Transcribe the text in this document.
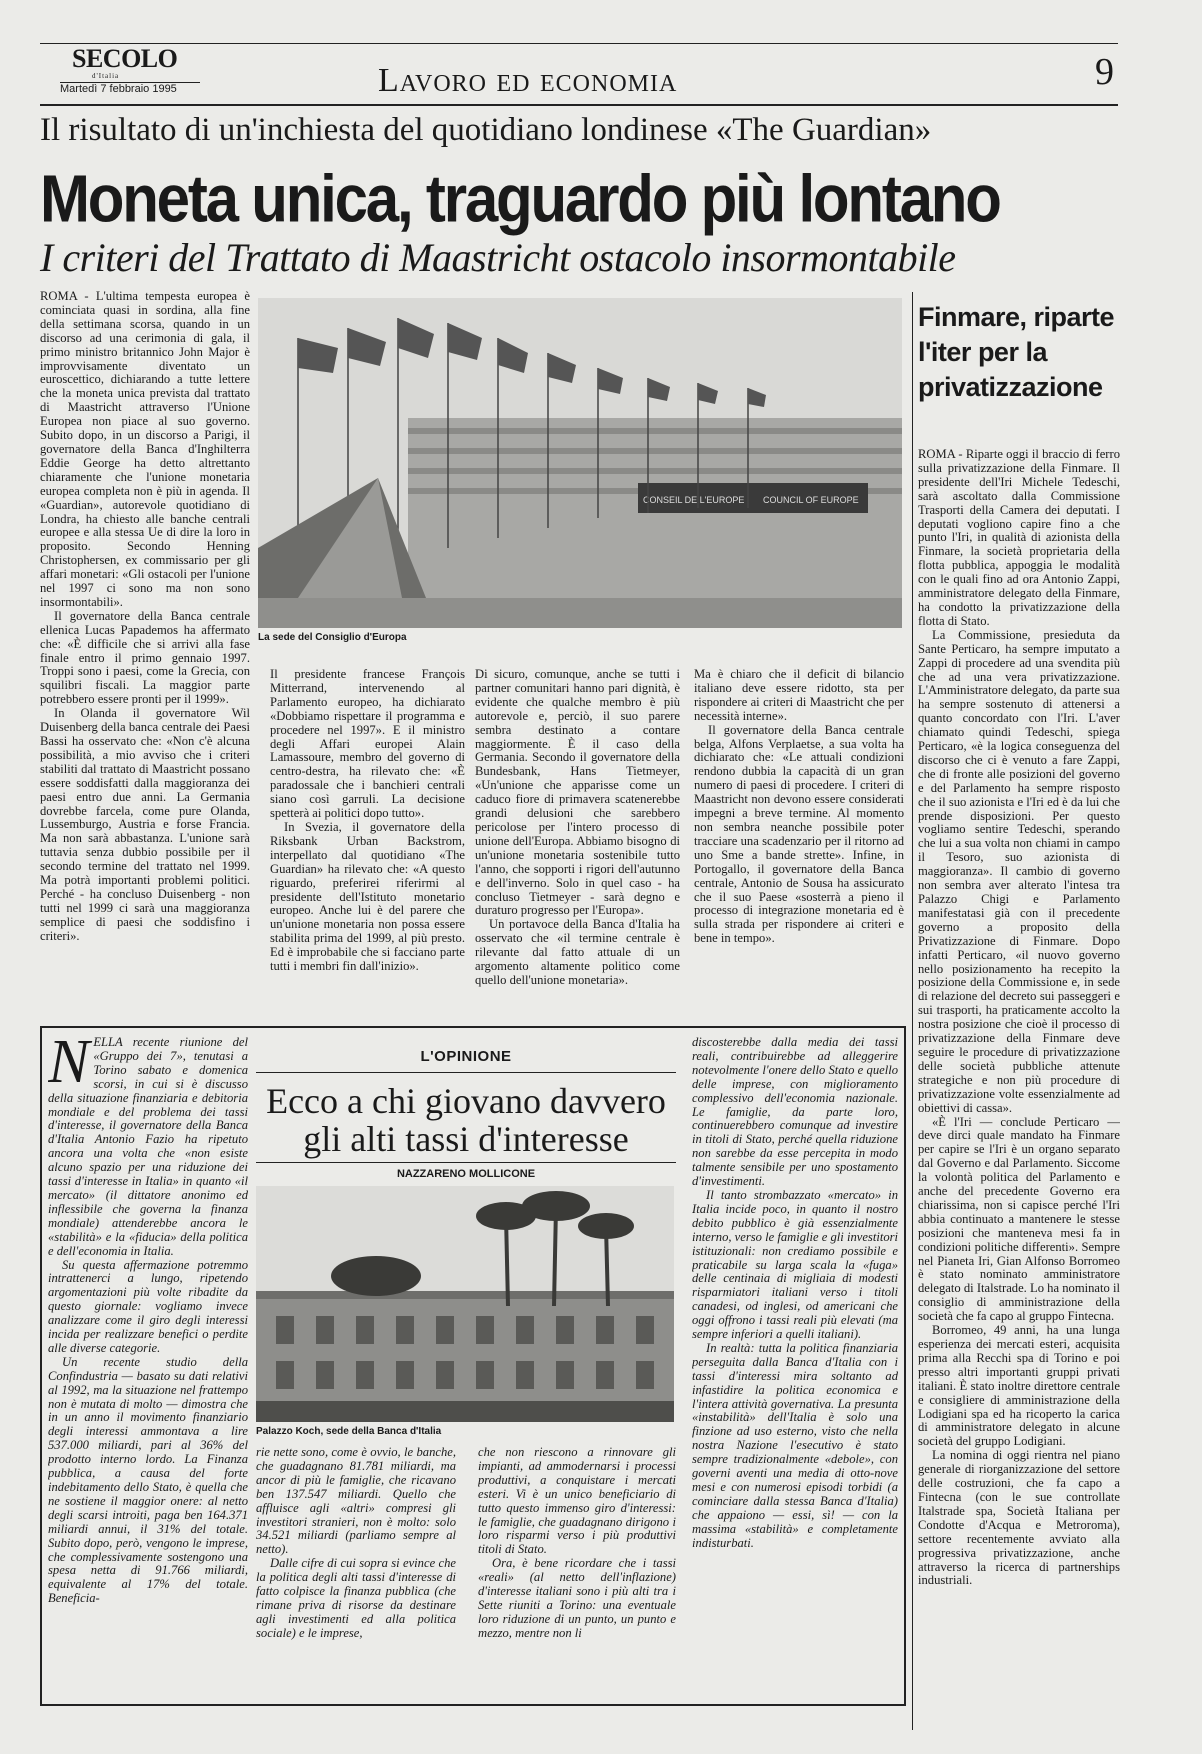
SECOLO
d'Italia
Martedì 7 febbraio 1995	Lavoro ed economia	9
Il risultato di un'inchiesta del quotidiano londinese «The Guardian»
Moneta unica, traguardo più lontano
I criteri del Trattato di Maastricht ostacolo insormontabile

ROMA - L'ultima tempesta europea è cominciata quasi in sordina, alla fine della settimana scorsa, quando in un discorso ad una cerimonia di gala, il primo ministro britannico John Major è improvvisamente diventato un euroscettico, dichiarando a tutte lettere che la moneta unica prevista dal trattato di Maastricht attraverso l'Unione Europea non piace al suo governo. Subito dopo, in un discorso a Parigi, il governatore della Banca d'Inghilterra Eddie George ha detto altrettanto chiaramente che l'unione monetaria europea completa non è più in agenda. Il «Guardian», autorevole quotidiano di Londra, ha chiesto alle banche centrali europee e alla stessa Ue di dire la loro in proposito. Secondo Henning Christophersen, ex commissario per gli affari monetari: «Gli ostacoli per l'unione nel 1997 ci sono ma non sono insormontabili».

Il governatore della Banca centrale ellenica Lucas Papademos ha affermato che: «È difficile che si arrivi alla fase finale entro il primo gennaio 1997. Troppi sono i paesi, come la Grecia, con squilibri fiscali. La maggior parte potrebbero essere pronti per il 1999».

In Olanda il governatore Wil Duisenberg della banca centrale dei Paesi Bassi ha osservato che: «Non c'è alcuna possibilità, a mio avviso che i criteri stabiliti dal trattato di Maastricht possano essere soddisfatti dalla maggioranza dei paesi entro due anni. La Germania dovrebbe farcela, come pure Olanda, Lussemburgo, Austria e forse Francia. Ma non sarà abbastanza. L'unione sarà tuttavia senza dubbio possibile per il secondo termine del trattato nel 1999. Ma potrà importanti problemi politici. Perché - ha concluso Duisenberg - non tutti nel 1999 ci sarà una maggioranza semplice di paesi che soddisfino i criteri».

CONSEIL DE L'EUROPE COUNCIL OF EUROPE
La sede del Consiglio d'Europa

Il presidente francese François Mitterrand, intervenendo al Parlamento europeo, ha dichiarato «Dobbiamo rispettare il programma e procedere nel 1997». E il ministro degli Affari europei Alain Lamassoure, membro del governo di centro-destra, ha rilevato che: «È paradossale che i banchieri centrali siano così garruli. La decisione spetterà ai politici dopo tutto».

In Svezia, il governatore della Riksbank Urban Backstrom, interpellato dal quotidiano «The Guardian» ha rilevato che: «A questo riguardo, preferirei riferirmi al presidente dell'Istituto monetario europeo. Anche lui è del parere che un'unione monetaria non possa essere stabilita prima del 1999, al più presto. Ed è improbabile che si facciano parte tutti i membri fin dall'inizio».

Di sicuro, comunque, anche se tutti i partner comunitari hanno pari dignità, è evidente che qualche membro è più autorevole e, perciò, il suo parere sembra destinato a contare maggiormente. È il caso della Germania. Secondo il governatore della Bundesbank, Hans Tietmeyer, «Un'unione che apparisse come un caduco fiore di primavera scatenerebbe grandi delusioni che sarebbero pericolose per l'intero processo di unione dell'Europa. Abbiamo bisogno di un'unione monetaria sostenibile tutto l'anno, che sopporti i rigori dell'autunno e dell'inverno. Solo in quel caso - ha concluso Tietmeyer - sarà degno e duraturo progresso per l'Europa».

Un portavoce della Banca d'Italia ha osservato che «il termine centrale è rilevante dal fatto attuale di un argomento altamente politico come quello dell'unione monetaria».

Ma è chiaro che il deficit di bilancio italiano deve essere ridotto, sta per rispondere ai criteri di Maastricht che per necessità interne».

Il governatore della Banca centrale belga, Alfons Verplaetse, a sua volta ha dichiarato che: «Le attuali condizioni rendono dubbia la capacità di un gran numero di paesi di procedere. I criteri di Maastricht non devono essere considerati impegni a breve termine. Al momento non sembra neanche possibile poter tracciare una scadenzario per il ritorno ad uno Sme a bande strette». Infine, in Portogallo, il governatore della Banca centrale, Antonio de Sousa ha assicurato che il suo Paese «sosterrà a pieno il processo di integrazione monetaria ed è sulla strada per rispondere ai criteri e bene in tempo».

Finmare, riparte l'iter per la privatizzazione

ROMA - Riparte oggi il braccio di ferro sulla privatizzazione della Finmare. Il presidente dell'Iri Michele Tedeschi, sarà ascoltato dalla Commissione Trasporti della Camera dei deputati. I deputati vogliono capire fino a che punto l'Iri, in qualità di azionista della Finmare, la società proprietaria della flotta pubblica, appoggia le modalità con le quali fino ad ora Antonio Zappi, amministratore delegato della Finmare, ha condotto la privatizzazione della flotta di Stato.

La Commissione, presieduta da Sante Perticaro, ha sempre imputato a Zappi di procedere ad una svendita più che ad una vera privatizzazione. L'Amministratore delegato, da parte sua ha sempre sostenuto di attenersi a quanto concordato con l'Iri. L'aver chiamato quindi Tedeschi, spiega Perticaro, «è la logica conseguenza del discorso che ci è venuto a fare Zappi, che di fronte alle posizioni del governo e del Parlamento ha sempre risposto che il suo azionista e l'Iri ed è da lui che prende disposizioni. Per questo vogliamo sentire Tedeschi, sperando che lui a sua volta non chiami in campo il Tesoro, suo azionista di maggioranza». Il cambio di governo non sembra aver alterato l'intesa tra Palazzo Chigi e Parlamento manifestatasi già con il precedente governo a proposito della Privatizzazione di Finmare. Dopo infatti Perticaro, «il nuovo governo nello posizionamento ha recepito la posizione della Commissione e, in sede di relazione del decreto sui passeggeri e sui trasporti, ha praticamente accolto la nostra posizione che cioè il processo di privatizzazione della Finmare deve seguire le procedure di privatizzazione delle società pubbliche attenute strategiche e non più procedure di privatizzazione volte essenzialmente ad obiettivi di cassa».

«È l'Iri — conclude Perticaro — deve dirci quale mandato ha Finmare per capire se l'Iri è un organo separato dal Governo e dal Parlamento. Siccome la volontà politica del Parlamento e anche del precedente Governo era chiarissima, non si capisce perché l'Iri abbia continuato a mantenere le stesse posizioni che manteneva mesi fa in condizioni politiche differenti». Sempre nel Pianeta Iri, Gian Alfonso Borromeo è stato nominato amministratore delegato di Italstrade. Lo ha nominato il consiglio di amministrazione della società che fa capo al gruppo Fintecna.

Borromeo, 49 anni, ha una lunga esperienza dei mercati esteri, acquisita prima alla Recchi spa di Torino e poi presso altri importanti gruppi privati italiani. È stato inoltre direttore centrale e consigliere di amministrazione della Lodigiani spa ed ha ricoperto la carica di amministratore delegato in alcune società del gruppo Lodigiani.

La nomina di oggi rientra nel piano generale di riorganizzazione del settore delle costruzioni, che fa capo a Fintecna (con le sue controllate Italstrade spa, Società Italiana per Condotte d'Acqua e Metroroma), settore recentemente avviato alla progressiva privatizzazione, anche attraverso la ricerca di partnerships industriali.

N ELLA recente riunione del «Gruppo dei 7», tenutasi a Torino sabato e domenica scorsi, in cui si è discusso della situazione finanziaria e debitoria mondiale e del problema dei tassi d'interesse, il governatore della Banca d'Italia Antonio Fazio ha ripetuto ancora una volta che «non esiste alcuno spazio per una riduzione dei tassi d'interesse in Italia» in quanto «il mercato» (il dittatore anonimo ed inflessibile che governa la finanza mondiale) attenderebbe ancora le «stabilità» e la «fiducia» della politica e dell'economia in Italia.

Su questa affermazione potremmo intrattenerci a lungo, ripetendo argomentazioni più volte ribadite da questo giornale: vogliamo invece analizzare come il giro degli interessi incida per realizzare benefici o perdite alle diverse categorie.

Un recente studio della Confindustria — basato su dati relativi al 1992, ma la situazione nel frattempo non è mutata di molto — dimostra che in un anno il movimento finanziario degli interessi ammontava a lire 537.000 miliardi, pari al 36% del prodotto interno lordo. La Finanza pubblica, a causa del forte indebitamento dello Stato, è quella che ne sostiene il maggior onere: al netto degli scarsi introiti, paga ben 164.371 miliardi annui, il 31% del totale. Subito dopo, però, vengono le imprese, che complessivamente sostengono una spesa netta di 91.766 miliardi, equivalente al 17% del totale. Beneficia-

L'OPINIONE
Ecco a chi giovano davvero
gli alti tassi d'interesse
NAZZARENO MOLLICONE
Palazzo Koch, sede della Banca d'Italia

rie nette sono, come è ovvio, le banche, che guadagnano 81.781 miliardi, ma ancor di più le famiglie, che ricavano ben 137.547 miliardi. Quello che affluisce agli «altri» compresi gli investitori stranieri, non è molto: solo 34.521 miliardi (parliamo sempre al netto).

Dalle cifre di cui sopra si evince che la politica degli alti tassi d'interesse di fatto colpisce la finanza pubblica (che rimane priva di risorse da destinare agli investimenti ed alla politica sociale) e le imprese,

che non riescono a rinnovare gli impianti, ad ammodernarsi i processi produttivi, a conquistare i mercati esteri. Vi è un unico beneficiario di tutto questo immenso giro d'interessi: le famiglie, che guadagnano dirigono i loro risparmi verso i più produttivi titoli di Stato.

Ora, è bene ricordare che i tassi «reali» (al netto dell'inflazione) d'interesse italiani sono i più alti tra i Sette riuniti a Torino: una eventuale loro riduzione di un punto, un punto e mezzo, mentre non li

discosterebbe dalla media dei tassi reali, contribuirebbe ad alleggerire notevolmente l'onere dello Stato e quello delle imprese, con miglioramento complessivo dell'economia nazionale. Le famiglie, da parte loro, continuerebbero comunque ad investire in titoli di Stato, perché quella riduzione non sarebbe da esse percepita in modo talmente sensibile per uno spostamento d'investimenti.

Il tanto strombazzato «mercato» in Italia incide poco, in quanto il nostro debito pubblico è già essenzialmente interno, verso le famiglie e gli investitori istituzionali: non crediamo possibile e praticabile su larga scala la «fuga» delle centinaia di migliaia di modesti risparmiatori italiani verso i titoli canadesi, od inglesi, od americani che oggi offrono i tassi reali più elevati (ma sempre inferiori a quelli italiani).

In realtà: tutta la politica finanziaria perseguita dalla Banca d'Italia con i tassi d'interessi mira soltanto ad infastidire la politica economica e l'intera attività governativa. La presunta «instabilità» dell'Italia è solo una finzione ad uso esterno, visto che nella nostra Nazione l'esecutivo è stato sempre tradizionalmente «debole», con governi aventi una media di otto-nove mesi e con numerosi episodi torbidi (a cominciare dalla stessa Banca d'Italia) che appaiono — essi, sì! — con la massima «stabilità» e completamente indisturbati.
